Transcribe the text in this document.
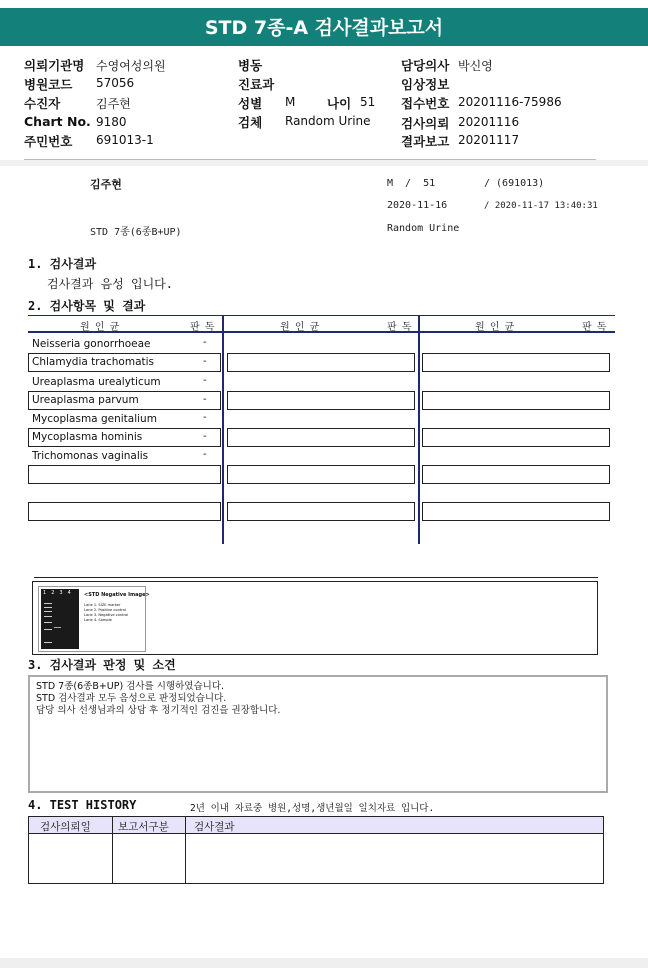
STD 7종-A 검사결과보고서
의뢰기관명 수영여성의원
병원코드 57056
수진자	김주현
Chart No. 9180
주민번호 691013-1
병동
진료과
성별 M	나이 51
검체 Random Urine
담당의사 박신영
임상정보
접수번호 20201116-75986
검사의뢰 20201116
결과보고 20201117
김주현	M  /  51	/ (691013)
2020-11-16	/ 2020-11-17 13:40:31
STD 7종(6종B+UP)	Random Urine
1. 검사결과
검사결과 음성 입니다.
2. 검사항목 및 결과
원 인 균	판 독	원 인 균	판 독	원 인 균	판 독
Neisseria gonorrhoeae	-
Chlamydia trachomatis	-
Ureaplasma urealyticum	-
Ureaplasma parvum	-
Mycoplasma genitalium	-
Mycoplasma hominis	-
Trichomonas vaginalis	-
1234 <STD Negative Image>
Lane 1. SIZE marker
Lane 2. Positive control
Lane 3. Negative control
Lane 4. Sample
3. 검사결과 판정 및 소견
STD 7종(6종B+UP) 검사를 시행하였습니다.
STD 검사결과 모두 음성으로 판정되었습니다.
담당 의사 선생님과의 상담 후 정기적인 검진을 권장합니다.
4. TEST HISTORY	2년 이내 자료중 병원,성명,생년월일 일치자료 입니다.
검사의뢰일	보고서구분 검사결과
